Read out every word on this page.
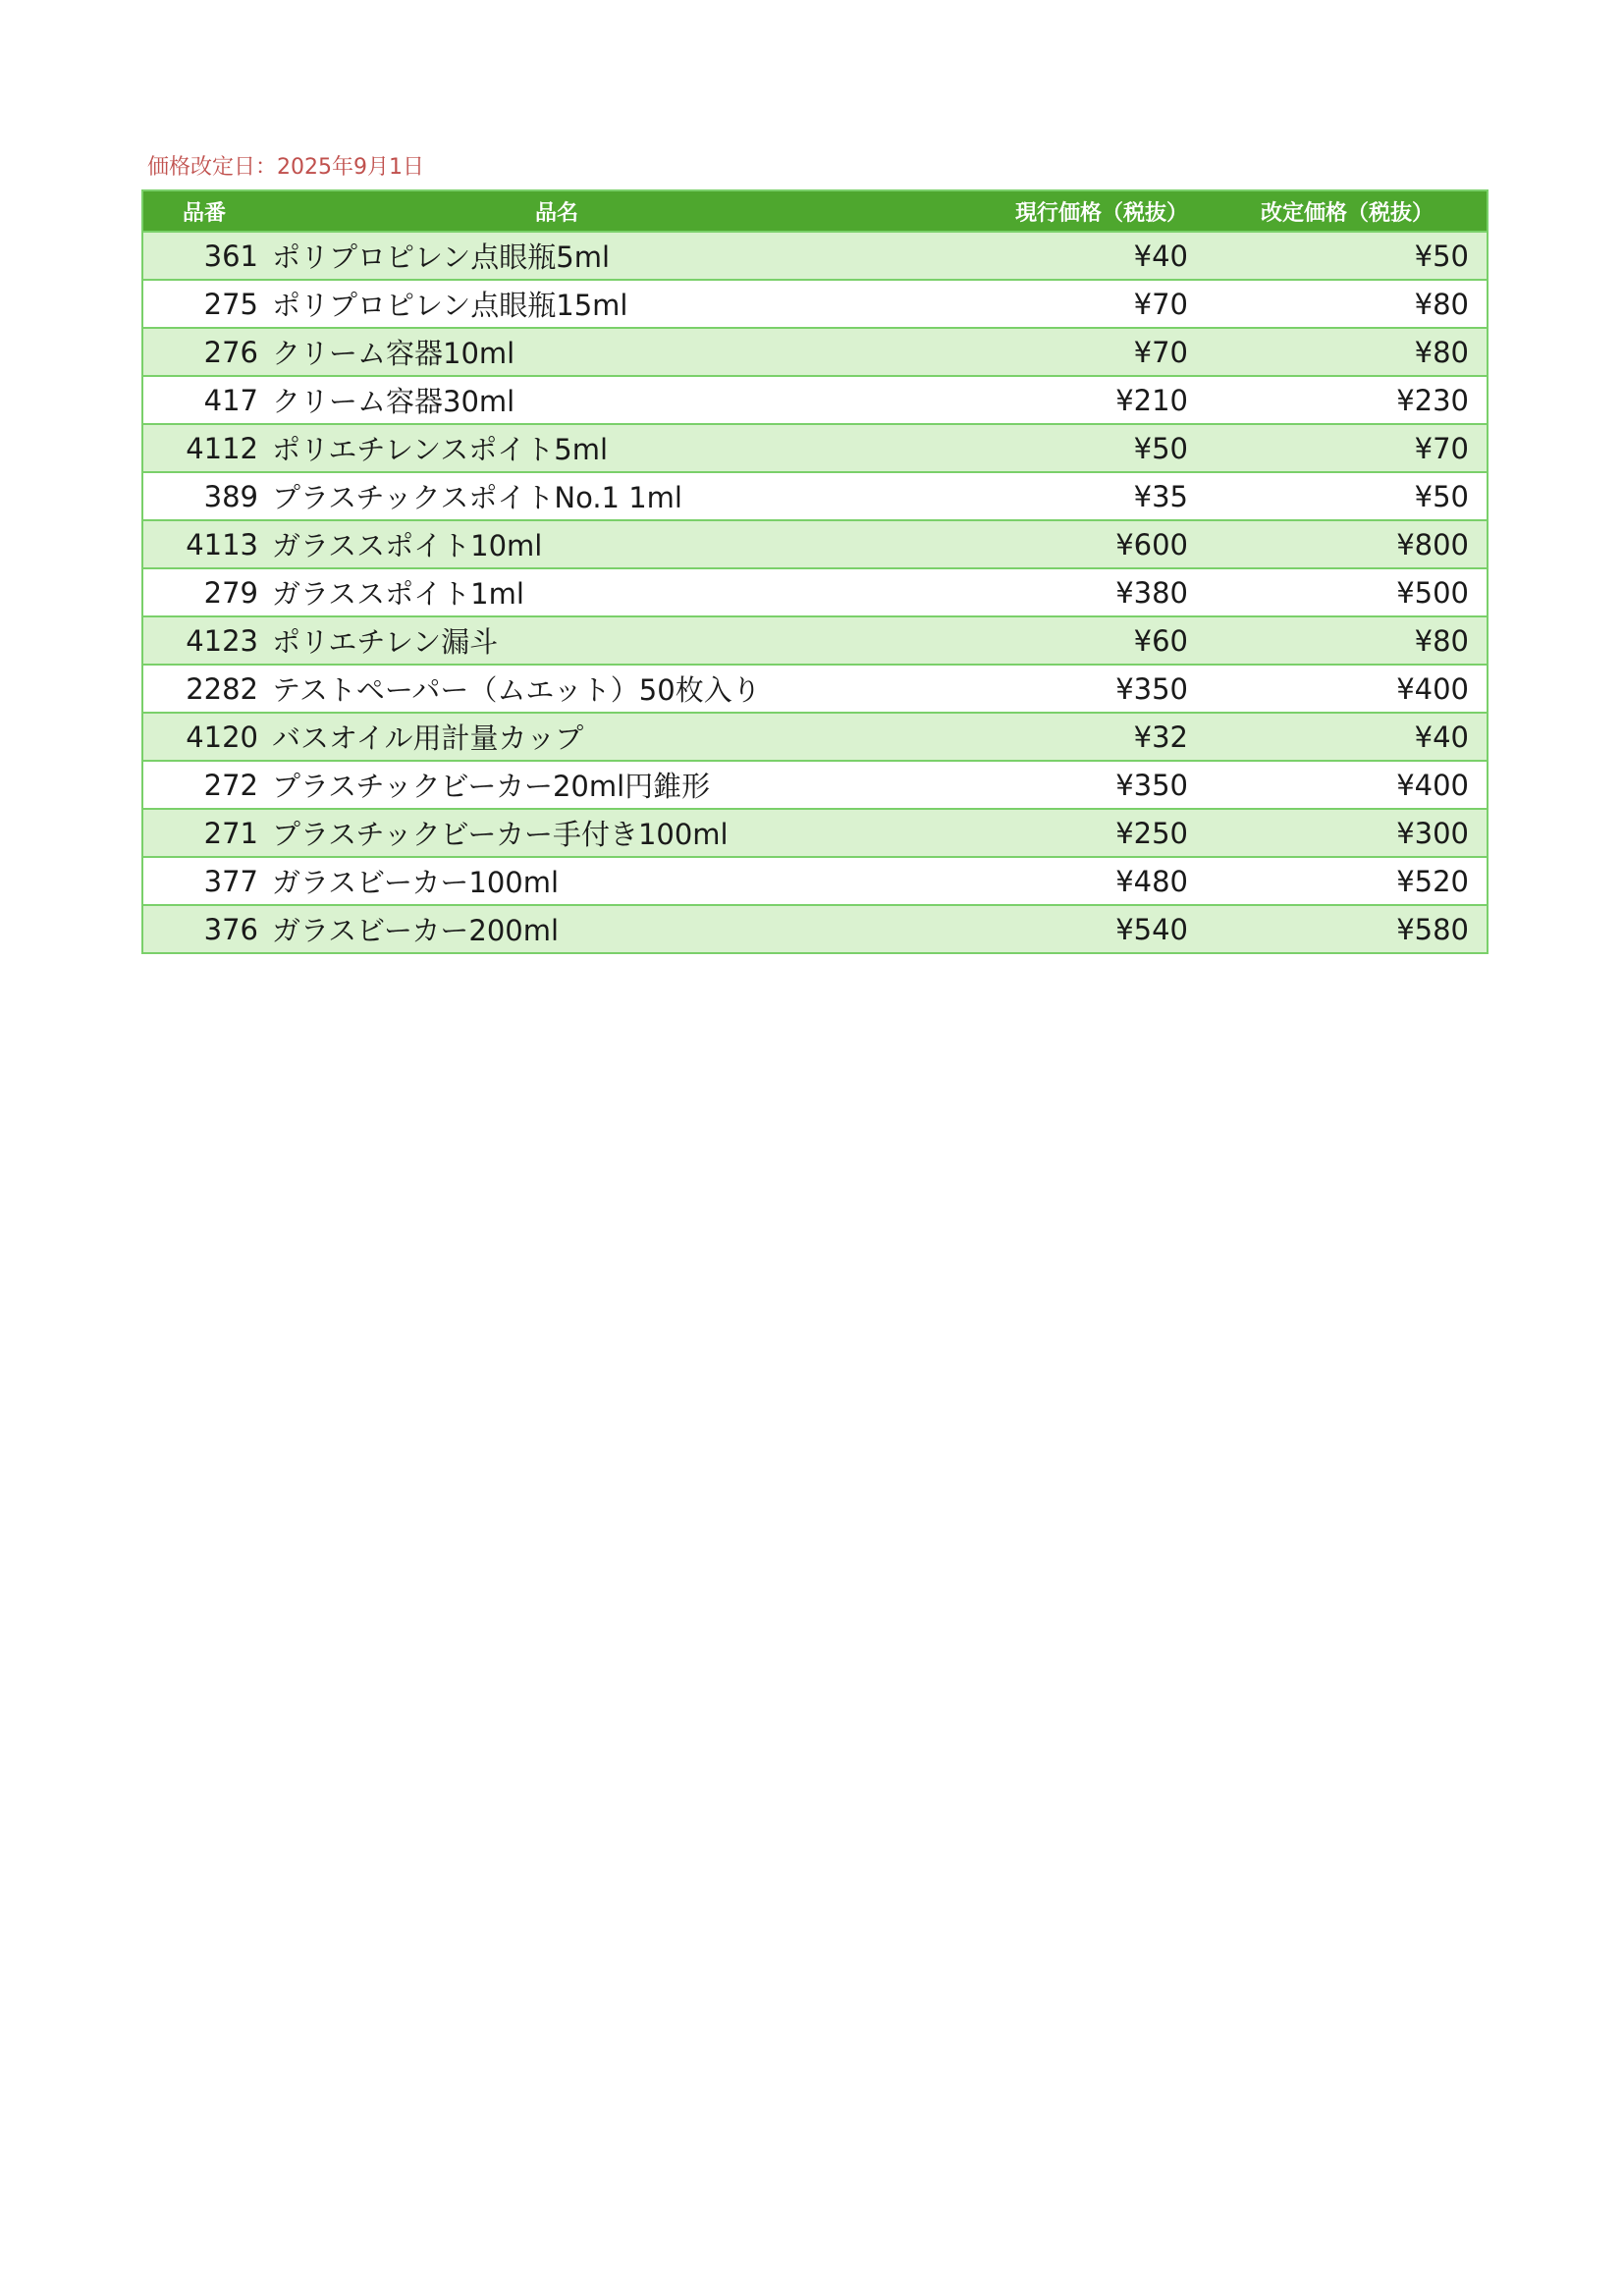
価格改定日：2025年9月1日
品番	品名	現行価格（税抜）	改定価格（税抜）
361	ポリプロピレン点眼瓶5ml	¥40	¥50
275	ポリプロピレン点眼瓶15ml	¥70	¥80
276	クリーム容器10ml	¥70	¥80
417	クリーム容器30ml	¥210	¥230
4112	ポリエチレンスポイト5ml	¥50	¥70
389	プラスチックスポイトNo.1 1ml	¥35	¥50
4113	ガラススポイト10ml	¥600	¥800
279	ガラススポイト1ml	¥380	¥500
4123	ポリエチレン漏斗	¥60	¥80
2282	テストペーパー（ムエット）50枚入り	¥350	¥400
4120	バスオイル用計量カップ	¥32	¥40
272	プラスチックビーカー20ml円錐形	¥350	¥400
271	プラスチックビーカー手付き100ml	¥250	¥300
377	ガラスビーカー100ml	¥480	¥520
376	ガラスビーカー200ml	¥540	¥580
